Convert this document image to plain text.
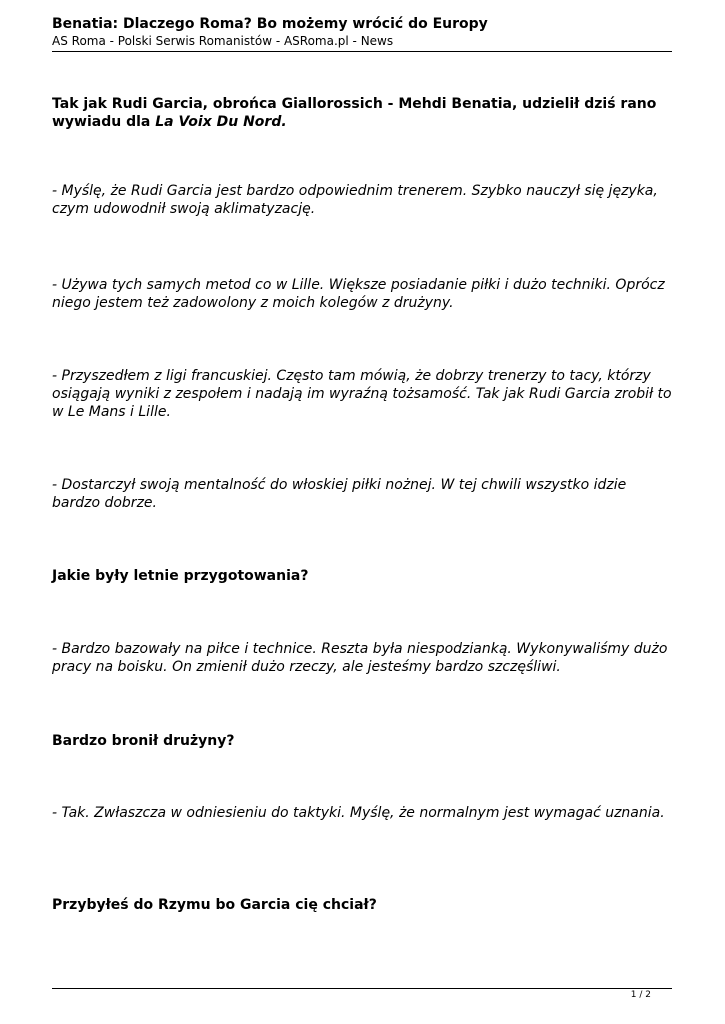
Benatia: Dlaczego Roma? Bo możemy wrócić do Europy

AS Roma - Polski Serwis Romanistów - ASRoma.pl - News

Tak jak Rudi Garcia, obrońca Giallorossich - Mehdi Benatia, udzielił dziś rano wywiadu dla La Voix Du Nord.

- Myślę, że Rudi Garcia jest bardzo odpowiednim trenerem. Szybko nauczył się języka, czym udowodnił swoją aklimatyzację.

- Używa tych samych metod co w Lille. Większe posiadanie piłki i dużo techniki. Oprócz niego jestem też zadowolony z moich kolegów z drużyny.

- Przyszedłem z ligi francuskiej. Często tam mówią, że dobrzy trenerzy to tacy, którzy osiągają wyniki z zespołem i nadają im wyraźną tożsamość. Tak jak Rudi Garcia zrobił to w Le Mans i Lille.

- Dostarczył swoją mentalność do włoskiej piłki nożnej. W tej chwili wszystko idzie bardzo dobrze.

Jakie były letnie przygotowania?

- Bardzo bazowały na piłce i technice. Reszta była niespodzianką. Wykonywaliśmy dużo pracy na boisku. On zmienił dużo rzeczy, ale jesteśmy bardzo szczęśliwi.

Bardzo bronił drużyny?

- Tak. Zwłaszcza w odniesieniu do taktyki. Myślę, że normalnym jest wymagać uznania.

Przybyłeś do Rzymu bo Garcia cię chciał?

1 / 2
